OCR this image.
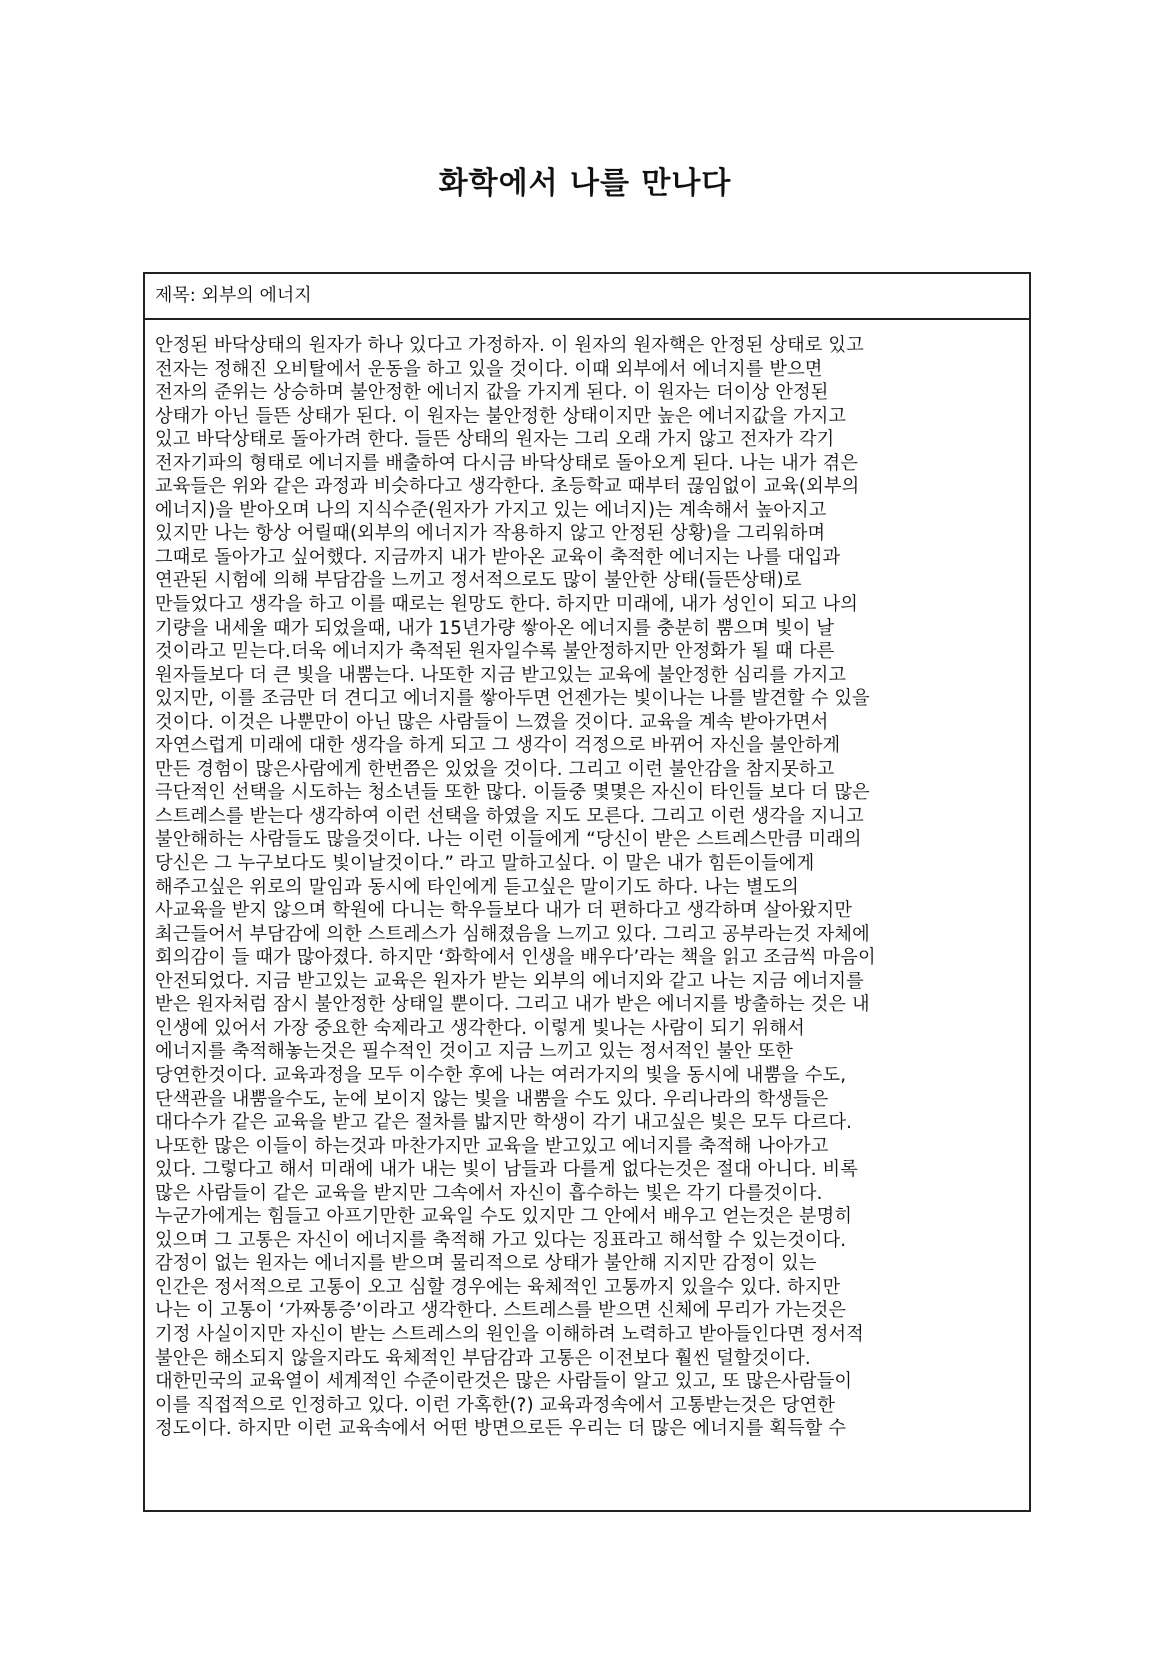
화학에서 나를 만나다
제목: 외부의 에너지
안정된 바닥상태의 원자가 하나 있다고 가정하자. 이 원자의 원자핵은 안정된 상태로 있고
전자는 정해진 오비탈에서 운동을 하고 있을 것이다. 이때 외부에서 에너지를 받으면
전자의 준위는 상승하며 불안정한 에너지 값을 가지게 된다. 이 원자는 더이상 안정된
상태가 아닌 들뜬 상태가 된다. 이 원자는 불안정한 상태이지만 높은 에너지값을 가지고
있고 바닥상태로 돌아가려 한다. 들뜬 상태의 원자는 그리 오래 가지 않고 전자가 각기
전자기파의 형태로 에너지를 배출하여 다시금 바닥상태로 돌아오게 된다. 나는 내가 겪은
교육들은 위와 같은 과정과 비슷하다고 생각한다. 초등학교 때부터 끊임없이 교육(외부의
에너지)을 받아오며 나의 지식수준(원자가 가지고 있는 에너지)는 계속해서 높아지고
있지만 나는 항상 어릴때(외부의 에너지가 작용하지 않고 안정된 상황)을 그리워하며
그때로 돌아가고 싶어했다. 지금까지 내가 받아온 교육이 축적한 에너지는 나를 대입과
연관된 시험에 의해 부담감을 느끼고 정서적으로도 많이 불안한 상태(들뜬상태)로
만들었다고 생각을 하고 이를 때로는 원망도 한다. 하지만 미래에, 내가 성인이 되고 나의
기량을 내세울 때가 되었을때, 내가 15년가량 쌓아온 에너지를 충분히 뿜으며 빛이 날
것이라고 믿는다.더욱 에너지가 축적된 원자일수록 불안정하지만 안정화가 될 때 다른
원자들보다 더 큰 빛을 내뿜는다. 나또한 지금 받고있는 교육에 불안정한 심리를 가지고
있지만, 이를 조금만 더 견디고 에너지를 쌓아두면 언젠가는 빛이나는 나를 발견할 수 있을
것이다. 이것은 나뿐만이 아닌 많은 사람들이 느꼈을 것이다. 교육을 계속 받아가면서
자연스럽게 미래에 대한 생각을 하게 되고 그 생각이 걱정으로 바뀌어 자신을 불안하게
만든 경험이 많은사람에게 한번쯤은 있었을 것이다. 그리고 이런 불안감을 참지못하고
극단적인 선택을 시도하는 청소년들 또한 많다. 이들중 몇몇은 자신이 타인들 보다 더 많은
스트레스를 받는다 생각하여 이런 선택을 하였을 지도 모른다. 그리고 이런 생각을 지니고
불안해하는 사람들도 많을것이다. 나는 이런 이들에게 “당신이 받은 스트레스만큼 미래의
당신은 그 누구보다도 빛이날것이다.” 라고 말하고싶다. 이 말은 내가 힘든이들에게
해주고싶은 위로의 말임과 동시에 타인에게 듣고싶은 말이기도 하다. 나는 별도의
사교육을 받지 않으며 학원에 다니는 학우들보다 내가 더 편하다고 생각하며 살아왔지만
최근들어서 부담감에 의한 스트레스가 심해졌음을 느끼고 있다. 그리고 공부라는것 자체에
회의감이 들 때가 많아졌다. 하지만 ‘화학에서 인생을 배우다’라는 책을 읽고 조금씩 마음이
안전되었다. 지금 받고있는 교육은 원자가 받는 외부의 에너지와 같고 나는 지금 에너지를
받은 원자처럼 잠시 불안정한 상태일 뿐이다. 그리고 내가 받은 에너지를 방출하는 것은 내
인생에 있어서 가장 중요한 숙제라고 생각한다. 이렇게 빛나는 사람이 되기 위해서
에너지를 축적해놓는것은 필수적인 것이고 지금 느끼고 있는 정서적인 불안 또한
당연한것이다. 교육과정을 모두 이수한 후에 나는 여러가지의 빛을 동시에 내뿜을 수도,
단색관을 내뿜을수도, 눈에 보이지 않는 빛을 내뿜을 수도 있다. 우리나라의 학생들은
대다수가 같은 교육을 받고 같은 절차를 밟지만 학생이 각기 내고싶은 빛은 모두 다르다.
나또한 많은 이들이 하는것과 마찬가지만 교육을 받고있고 에너지를 축적해 나아가고
있다. 그렇다고 해서 미래에 내가 내는 빛이 남들과 다를게 없다는것은 절대 아니다. 비록
많은 사람들이 같은 교육을 받지만 그속에서 자신이 흡수하는 빛은 각기 다를것이다.
누군가에게는 힘들고 아프기만한 교육일 수도 있지만 그 안에서 배우고 얻는것은 분명히
있으며 그 고통은 자신이 에너지를 축적해 가고 있다는 징표라고 해석할 수 있는것이다.
감정이 없는 원자는 에너지를 받으며 물리적으로 상태가 불안해 지지만 감정이 있는
인간은 정서적으로 고통이 오고 심할 경우에는 육체적인 고통까지 있을수 있다. 하지만
나는 이 고통이 ‘가짜통증’이라고 생각한다. 스트레스를 받으면 신체에 무리가 가는것은
기정 사실이지만 자신이 받는 스트레스의 원인을 이해하려 노력하고 받아들인다면 정서적
불안은 해소되지 않을지라도 육체적인 부담감과 고통은 이전보다 훨씬 덜할것이다.
대한민국의 교육열이 세계적인 수준이란것은 많은 사람들이 알고 있고, 또 많은사람들이
이를 직접적으로 인정하고 있다. 이런 가혹한(?) 교육과정속에서 고통받는것은 당연한
정도이다. 하지만 이런 교육속에서 어떤 방면으로든 우리는 더 많은 에너지를 획득할 수
